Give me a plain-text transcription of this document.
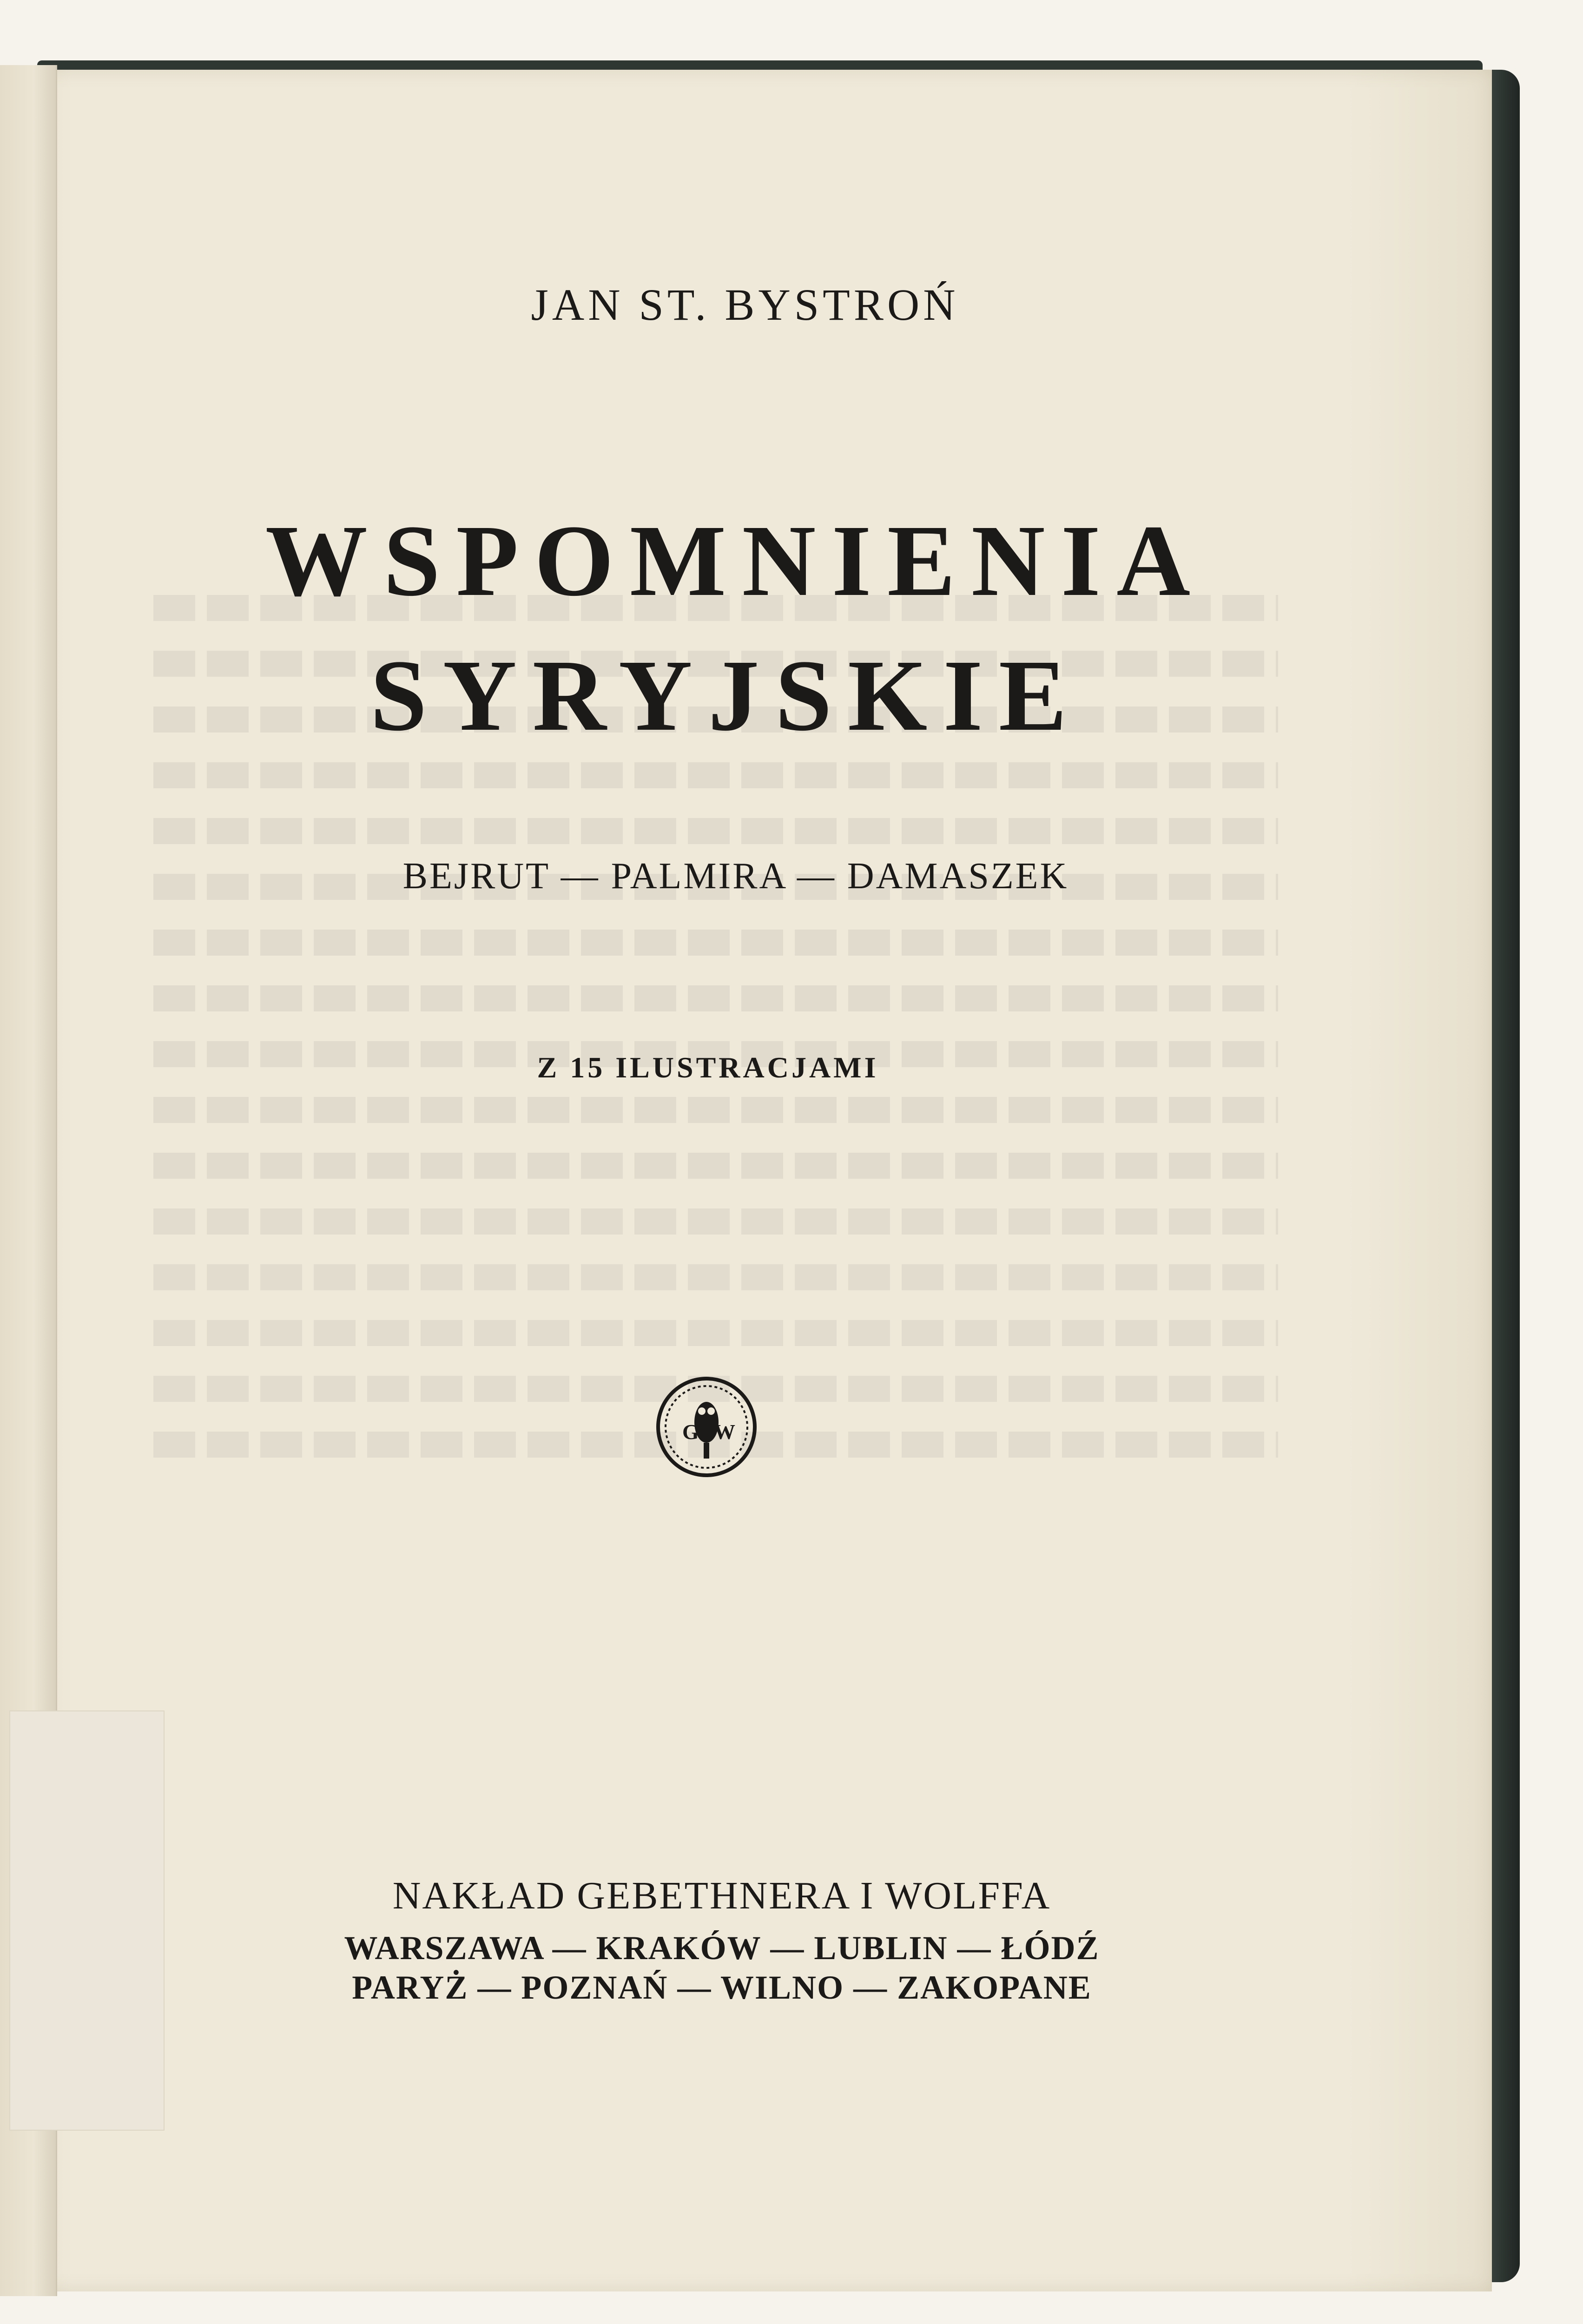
JAN ST. BYSTROŃ

WSPOMNIENIA

SYRYJSKIE

BEJRUT — PALMIRA — DAMASZEK

Z 15 ILUSTRACJAMI

G W

NAKŁAD GEBETHNERA I WOLFFA

WARSZAWA — KRAKÓW — LUBLIN — ŁÓDŹ

PARYŻ — POZNAŃ — WILNO — ZAKOPANE
